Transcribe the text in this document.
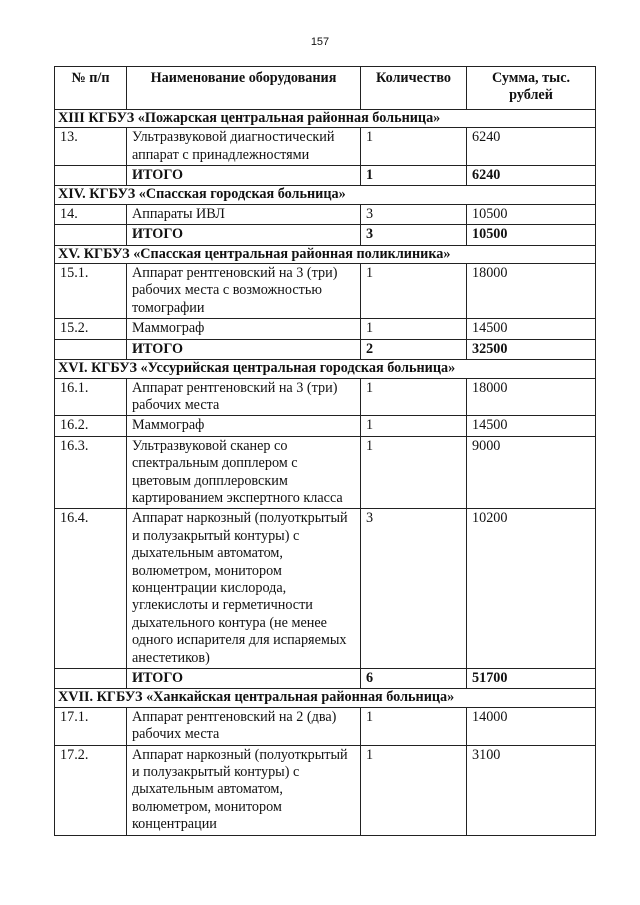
157
№ п/п	Наименование оборудования	Количество	Сумма, тыс. рублей
XIII КГБУЗ «Пожарская центральная районная больница»			
13.	Ультразвуковой диагностический аппарат с принадлежностями	1	6240
	ИТОГО	1	6240
XIV. КГБУЗ «Спасская городская больница»			
14.	Аппараты ИВЛ	3	10500
	ИТОГО	3	10500
XV. КГБУЗ «Спасская центральная районная поликлиника»			
15.1.	Аппарат рентгеновский на 3 (три) рабочих места с возможностью томографии	1	18000
15.2.	Маммограф	1	14500
	ИТОГО	2	32500
XVI. КГБУЗ «Уссурийская центральная городская больница»			
16.1.	Аппарат рентгеновский на 3 (три) рабочих места	1	18000
16.2.	Маммограф	1	14500
16.3.	Ультразвуковой сканер со спектральным допплером с цветовым допплеровским картированием экспертного класса	1	9000
16.4.	Аппарат наркозный (полуоткрытый и полузакрытый контуры) с дыхательным автоматом, волюметром, монитором концентрации кислорода, углекислоты и герметичности дыхательного контура (не менее одного испарителя для испаряемых анестетиков)	3	10200
	ИТОГО	6	51700
XVII. КГБУЗ «Ханкайская центральная районная больница»			
17.1.	Аппарат рентгеновский на 2 (два) рабочих места	1	14000
17.2.	Аппарат наркозный (полуоткрытый и полузакрытый контуры) с дыхательным автоматом, волюметром, монитором концентрации	1	3100
